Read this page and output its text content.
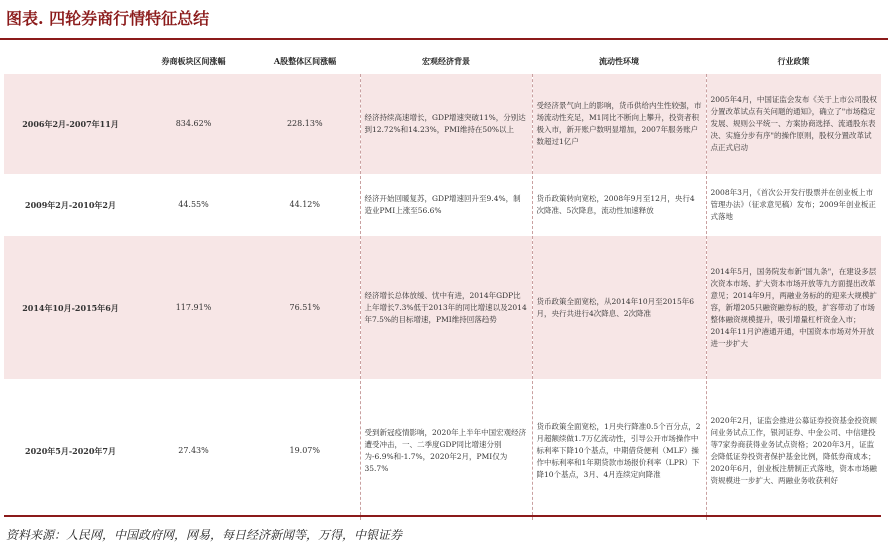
图表. 四轮券商行情特征总结
	券商板块区间涨幅	A股整体区间涨幅	宏观经济背景	流动性环境	行业政策
2006年2月-2007年11月	834.62%	228.13%	经济持续高速增长，GDP增速突破11%，分别达到12.72%和14.23%，PMI维持在50%以上	受经济景气向上的影响，货币供给内生性较强，市场流动性充足，M1同比不断向上攀升，投资者积极入市，新开账户数明显增加，2007年服务账户数超过1亿户	2005年4月，中国证监会发布《关于上市公司股权分置改革试点有关问题的通知》，确立了"市场稳定发展、规则公平统一、方案协商选择、流通股东表决、实施分步有序"的操作原则，股权分置改革试点正式启动
2009年2月-2010年2月	44.55%	44.12%	经济开始回暖复苏，GDP增速回升至9.4%，制造业PMI上涨至56.6%	货币政策转向宽松，2008年9月至12月，央行4次降准、5次降息，流动性加速释放	2008年3月，《首次公开发行股票并在创业板上市管理办法》（征求意见稿）发布；2009年创业板正式落地
2014年10月-2015年6月	117.91%	76.51%	经济增长总体放缓、忧中有进，2014年GDP比上年增长7.3%低于2013年的同比增速以及2014年7.5%的目标增速，PMI维持回落趋势	货币政策全面宽松，从2014年10月至2015年6月，央行共进行4次降息、2次降准	2014年5月，国务院发布新"国九条"，在建设多层次资本市场、扩大资本市场开放等九方面提出改革意见；2014年9月，两融业务标的的迎来大规模扩容，新增205只融资融券标的股，扩容带动了市场整体融资规模提升，吸引增量杠杆资金入市；2014年11月沪港通开通，中国资本市场对外开放进一步扩大
2020年5月-2020年7月	27.43%	19.07%	受到新冠疫情影响，2020年上半年中国宏观经济遭受冲击，一、二季度GDP同比增速分别为-6.9%和-1.7%，2020年2月，PMI仅为35.7%	货币政策全面宽松，1月央行降准0.5个百分点，2月超额续做1.7万亿流动性，引导公开市场操作中标利率下降10个基点，中期借贷便利（MLF）操作中标利率和1年期贷款市场报价利率（LPR）下降10个基点，3月、4月连续定向降准	2020年2月，证监会推进公募证券投资基金投资顾问业务试点工作，银河证券、中金公司、中信建投等7家券商获得业务试点资格；2020年3月，证监会降低证券投资者保护基金比例，降低券商成本；2020年6月，创业板注册制正式落地，资本市场融资规模进一步扩大、两融业务收获利好
资料来源：人民网，中国政府网，网易，每日经济新闻等，万得，中银证券
